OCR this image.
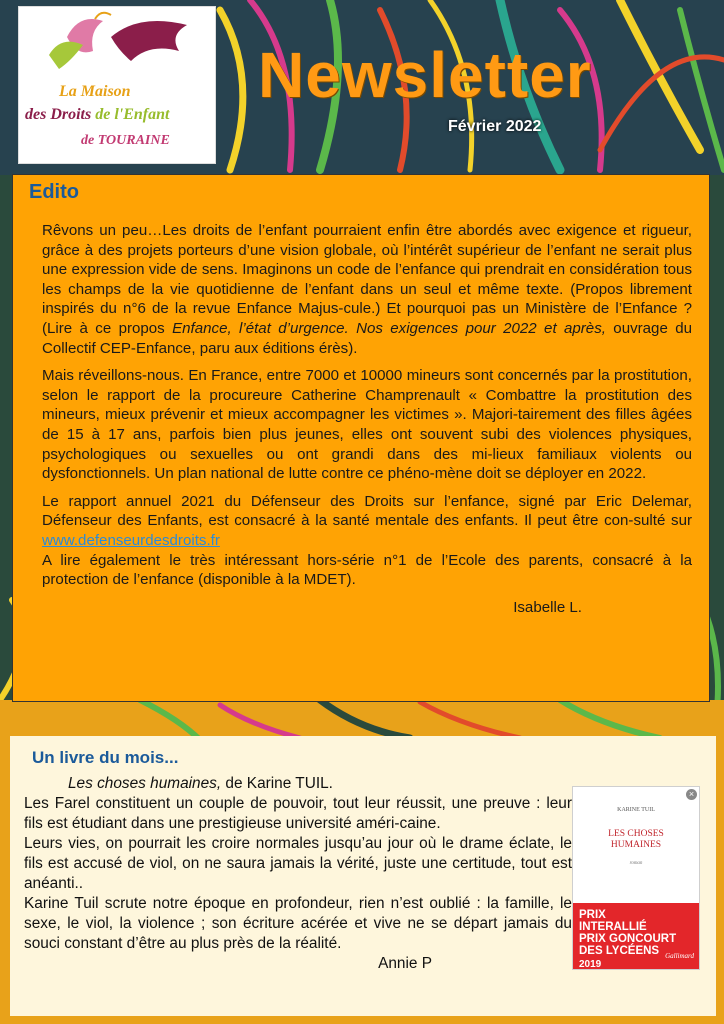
La Maison
des Droits de l'Enfant
de TOURAINE
Newsletter
Février 2022
Edito

Rêvons un peu…Les droits de l’enfant pourraient enfin être abordés avec exigence et rigueur, grâce à des projets porteurs d’une vision globale, où l’intérêt supérieur de l’enfant ne serait plus une expression vide de sens. Imaginons un code de l’enfance qui prendrait en considération tous les champs de la vie quotidienne de l’enfant dans un seul et même texte. (Propos librement inspirés du n°6 de la revue Enfance Majus-cule.) Et pourquoi pas un Ministère de l’Enfance ? (Lire à ce propos Enfance, l’état d’urgence. Nos exigences pour 2022 et après, ouvrage du Collectif CEP-Enfance, paru aux éditions érès).

Mais réveillons-nous. En France, entre 7000 et 10000 mineurs sont concernés par la prostitution, selon le rapport de la procureure Catherine Champrenault « Combattre la prostitution des mineurs, mieux prévenir et mieux accompagner les victimes ». Majori-tairement des filles âgées de 15 à 17 ans, parfois bien plus jeunes, elles ont souvent subi des violences physiques, psychologiques ou sexuelles ou ont grandi dans des mi-lieux familiaux violents ou dysfonctionnels. Un plan national de lutte contre ce phéno-mène doit se déployer en 2022.

Le rapport annuel 2021 du Défenseur des Droits sur l’enfance, signé par Eric Delemar, Défenseur des Enfants, est consacré à la santé mentale des enfants. Il peut être con-sulté sur www.defenseurdesdroits.fr

A lire également le très intéressant hors-série n°1 de l’Ecole des parents, consacré à la protection de l’enfance (disponible à la MDET).

Isabelle L.
Un livre du mois...

Les choses humaines, de Karine TUIL.

Les Farel constituent un couple de pouvoir, tout leur réussit, une preuve : leur fils est étudiant dans une prestigieuse université améri-caine.

Leurs vies, on pourrait les croire normales jusqu’au jour où le drame éclate, le fils est accusé de viol, on ne saura jamais la vérité, juste une certitude, tout est anéanti..

Karine Tuil scrute notre époque en profondeur, rien n’est oublié : la famille, le sexe, le viol, la violence ; son écriture acérée et vive ne se départ jamais du souci constant d’être au plus près de la réalité.

Annie P
×
KARINE TUIL
LES CHOSES
HUMAINES
roman
PRIX
INTERALLIÉ
PRIX GONCOURT
DES LYCÉENS
2019
Gallimard
